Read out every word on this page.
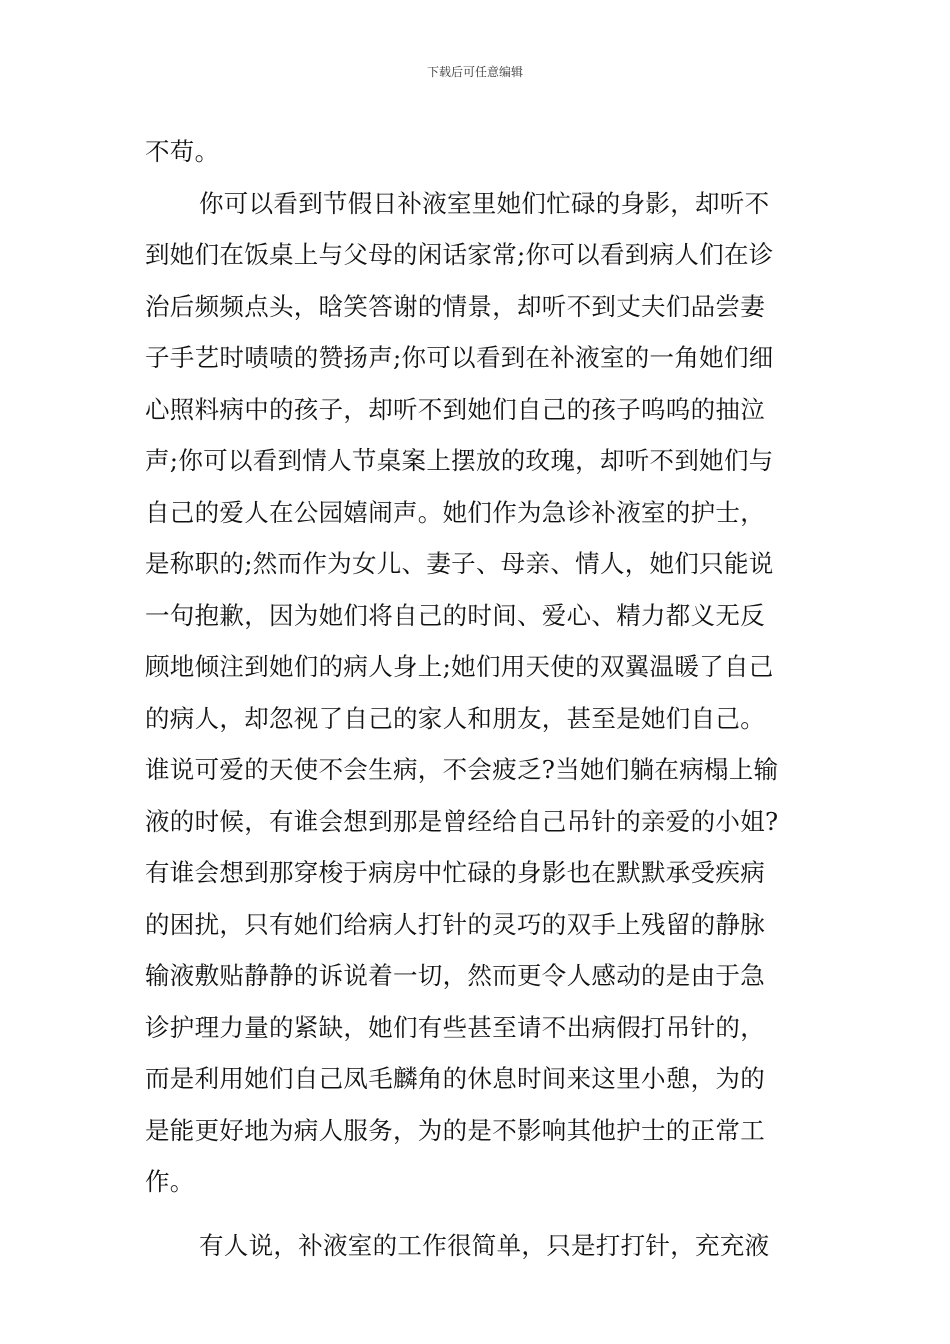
下载后可任意编辑
不苟。
你可以看到节假日补液室里她们忙碌的身影，却听不
到她们在饭桌上与父母的闲话家常;你可以看到病人们在诊
治后频频点头，晗笑答谢的情景，却听不到丈夫们品尝妻
子手艺时啧啧的赞扬声;你可以看到在补液室的一角她们细
心照料病中的孩子，却听不到她们自己的孩子呜呜的抽泣
声;你可以看到情人节桌案上摆放的玫瑰，却听不到她们与
自己的爱人在公园嬉闹声。她们作为急诊补液室的护士，
是称职的;然而作为女儿、妻子、母亲、情人，她们只能说
一句抱歉，因为她们将自己的时间、爱心、精力都义无反
顾地倾注到她们的病人身上;她们用天使的双翼温暖了自己
的病人，却忽视了自己的家人和朋友，甚至是她们自己。
谁说可爱的天使不会生病，不会疲乏?当她们躺在病榻上输
液的时候，有谁会想到那是曾经给自己吊针的亲爱的小姐?
有谁会想到那穿梭于病房中忙碌的身影也在默默承受疾病
的困扰，只有她们给病人打针的灵巧的双手上残留的静脉
输液敷贴静静的诉说着一切，然而更令人感动的是由于急
诊护理力量的紧缺，她们有些甚至请不出病假打吊针的，
而是利用她们自己凤毛麟角的休息时间来这里小憩，为的
是能更好地为病人服务，为的是不影响其他护士的正常工
作。
有人说，补液室的工作很简单，只是打打针，充充液
